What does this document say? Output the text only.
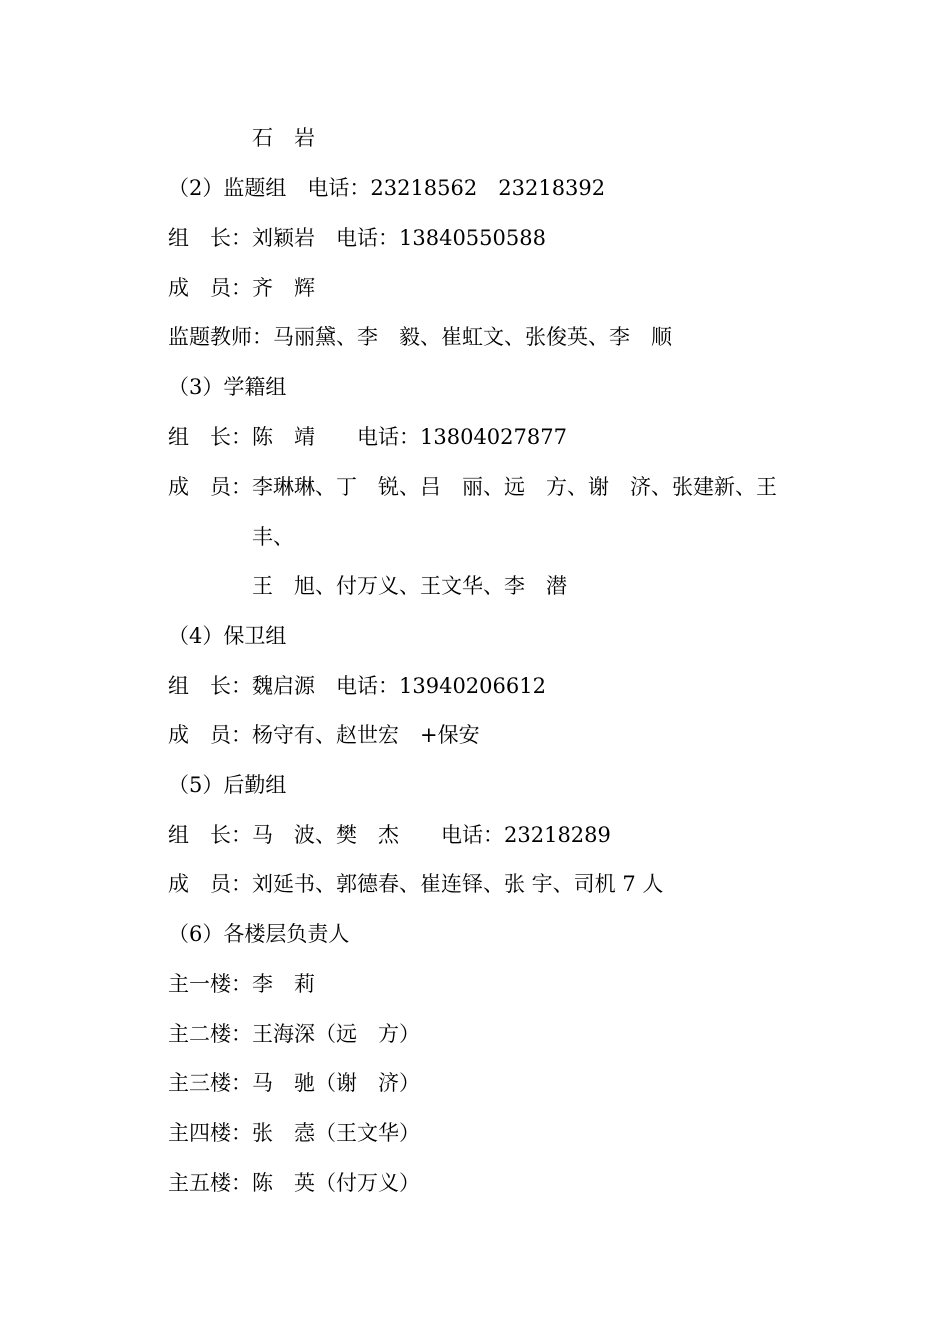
石　岩
（2）监题组　电话：23218562　23218392
组　长：刘颖岩　电话：13840550588
成　员：齐　辉
监题教师：马丽黛、李　毅、崔虹文、张俊英、李　顺
（3）学籍组
组　长：陈　靖　　电话：13804027877
成　员：李琳琳、丁　锐、吕　丽、远　方、谢　济、张建新、王
丰、
王　旭、付万义、王文华、李　潜
（4）保卫组
组　长：魏启源　电话：13940206612
成　员：杨守有、赵世宏　+保安
（5）后勤组
组　长：马　波、樊　杰　　电话：23218289
成　员：刘延书、郭德春、崔连铎、张 宇、司机 7 人
（6）各楼层负责人
主一楼：李　莉
主二楼：王海深（远　方）
主三楼：马　驰（谢　济）
主四楼：张　悫（王文华）
主五楼：陈　英（付万义）
